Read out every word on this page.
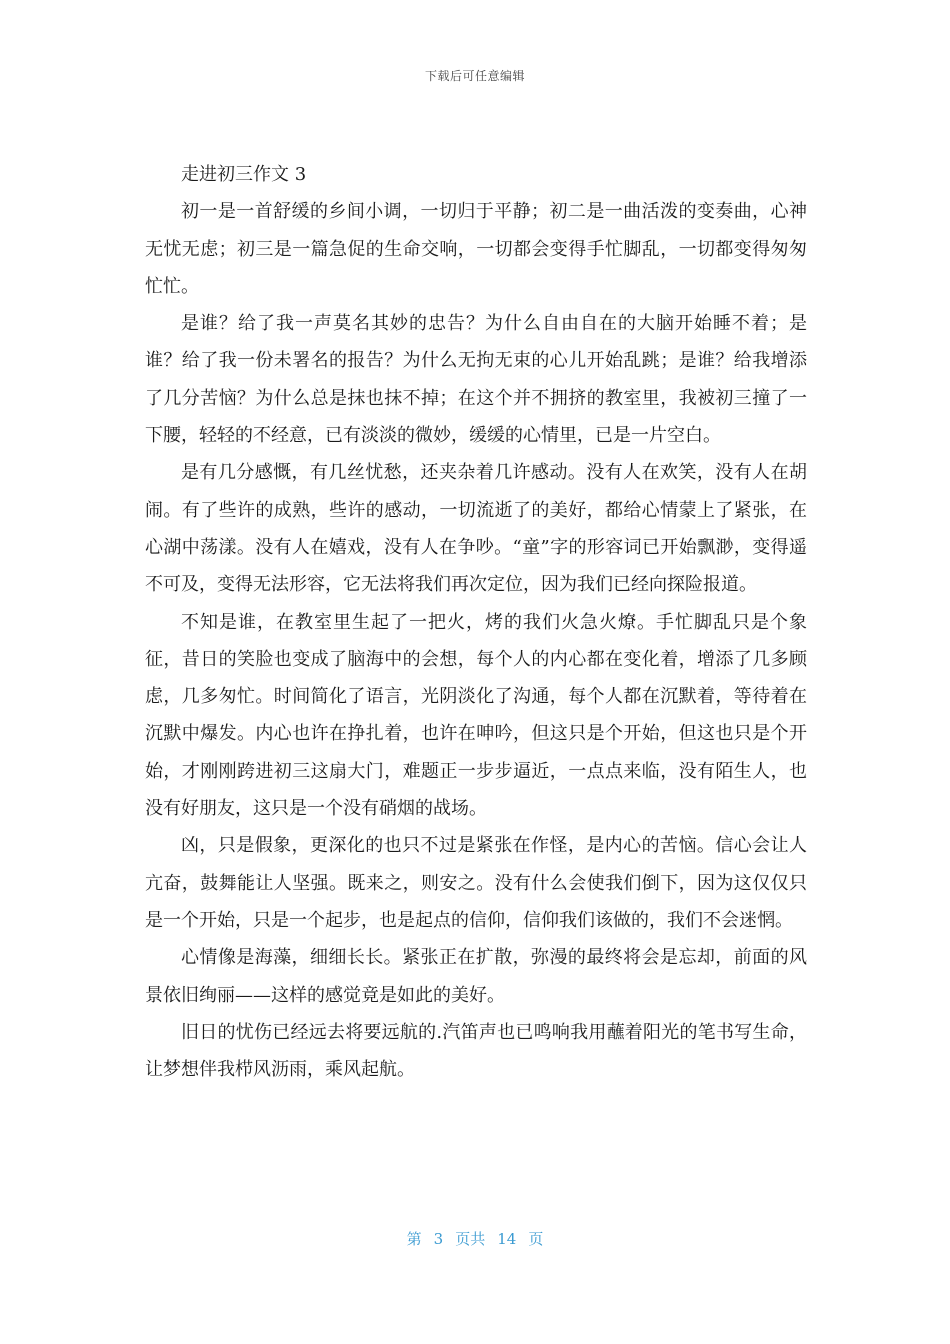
下载后可任意编辑
走进初三作文 3

初一是一首舒缓的乡间小调，一切归于平静；初二是一曲活泼的变奏曲，心神无忧无虑；初三是一篇急促的生命交响，一切都会变得手忙脚乱，一切都变得匆匆忙忙。

是谁？给了我一声莫名其妙的忠告？为什么自由自在的大脑开始睡不着；是谁？给了我一份未署名的报告？为什么无拘无束的心儿开始乱跳；是谁？给我增添了几分苦恼？为什么总是抹也抹不掉；在这个并不拥挤的教室里，我被初三撞了一下腰，轻轻的不经意，已有淡淡的微妙，缓缓的心情里，已是一片空白。

是有几分感慨，有几丝忧愁，还夹杂着几许感动。没有人在欢笑，没有人在胡闹。有了些许的成熟，些许的感动，一切流逝了的美好，都给心情蒙上了紧张，在心湖中荡漾。没有人在嬉戏，没有人在争吵。“童”字的形容词已开始飘渺，变得遥不可及，变得无法形容，它无法将我们再次定位，因为我们已经向探险报道。

不知是谁，在教室里生起了一把火，烤的我们火急火燎。手忙脚乱只是个象征，昔日的笑脸也变成了脑海中的会想，每个人的内心都在变化着，增添了几多顾虑，几多匆忙。时间简化了语言，光阴淡化了沟通，每个人都在沉默着，等待着在沉默中爆发。内心也许在挣扎着，也许在呻吟，但这只是个开始，但这也只是个开始，才刚刚跨进初三这扇大门，难题正一步步逼近，一点点来临，没有陌生人，也没有好朋友，这只是一个没有硝烟的战场。

凶，只是假象，更深化的也只不过是紧张在作怪，是内心的苦恼。信心会让人亢奋，鼓舞能让人坚强。既来之，则安之。没有什么会使我们倒下，因为这仅仅只是一个开始，只是一个起步，也是起点的信仰，信仰我们该做的，我们不会迷惘。

心情像是海藻，细细长长。紧张正在扩散，弥漫的最终将会是忘却，前面的风景依旧绚丽——这样的感觉竟是如此的美好。

旧日的忧伤已经远去将要远航的.汽笛声也已鸣响我用蘸着阳光的笔书写生命，让梦想伴我栉风沥雨，乘风起航。

第 3 页共 14 页
